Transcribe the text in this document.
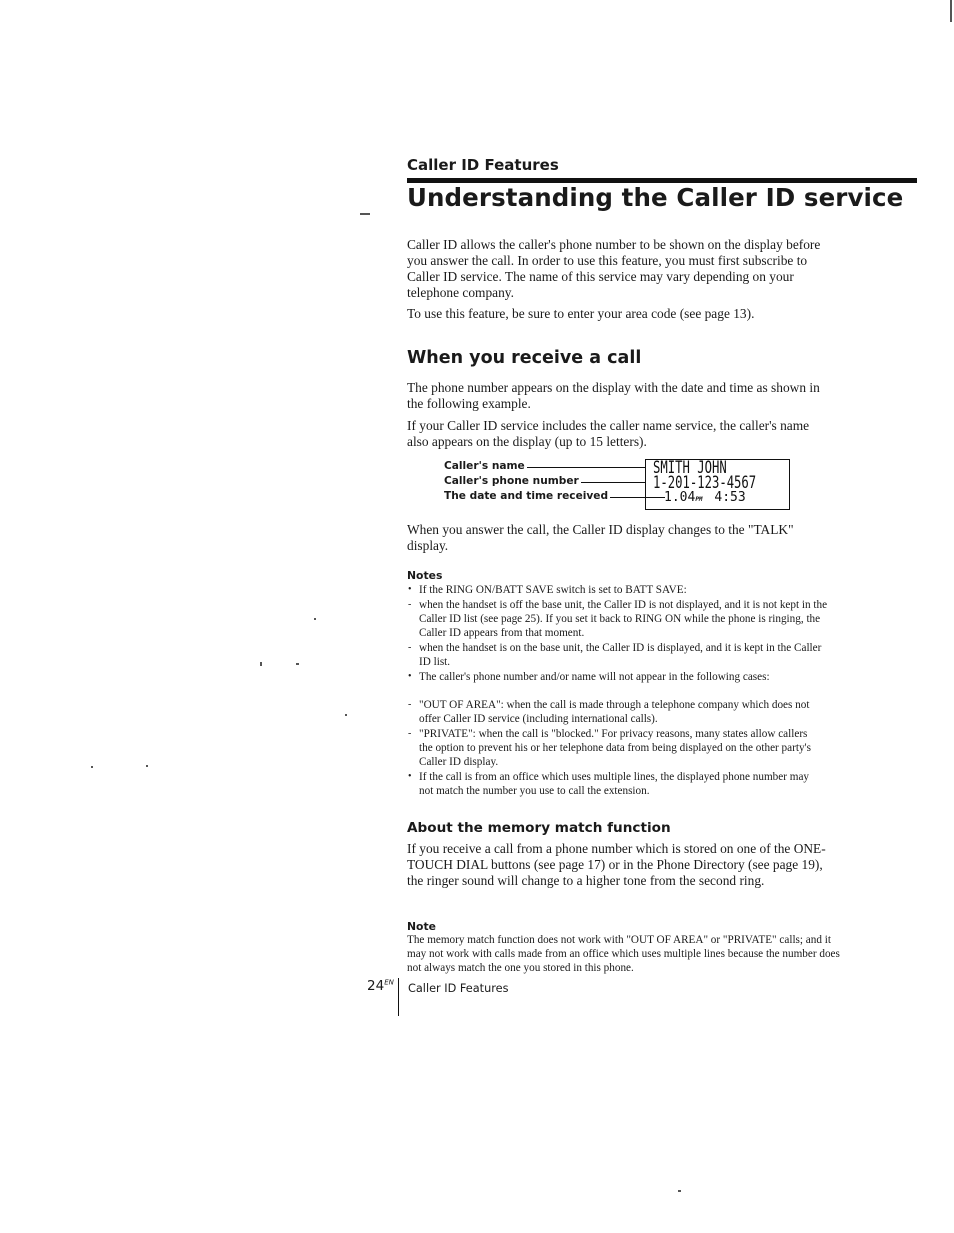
Caller ID Features
Understanding the Caller ID service
Caller ID allows the caller's phone number to be shown on the display before you answer the call. In order to use this feature, you must first subscribe to Caller ID service. The name of this service may vary depending on your telephone company.
To use this feature, be sure to enter your area code (see page 13).
When you receive a call
The phone number appears on the display with the date and time as shown in the following example.
If your Caller ID service includes the caller name service, the caller's name also appears on the display (up to 15 letters).
Caller's name
Caller's phone number
The date and time received
SMITH JOHN
1-201-123-4567
1.04PM 4:53
When you answer the call, the Caller ID display changes to the "TALK" display.
Notes
• If the RING ON/BATT SAVE switch is set to BATT SAVE:
- when the handset is off the base unit, the Caller ID is not displayed, and it is not kept in the Caller ID list (see page 25). If you set it back to RING ON while the phone is ringing, the Caller ID appears from that moment.
- when the handset is on the base unit, the Caller ID is displayed, and it is kept in the Caller ID list.
• The caller's phone number and/or name will not appear in the following cases:
- "OUT OF AREA": when the call is made through a telephone company which does not offer Caller ID service (including international calls).
- "PRIVATE": when the call is "blocked." For privacy reasons, many states allow callers the option to prevent his or her telephone data from being displayed on the other party's Caller ID display.
• If the call is from an office which uses multiple lines, the displayed phone number may not match the number you use to call the extension.
About the memory match function
If you receive a call from a phone number which is stored on one of the ONE-TOUCH DIAL buttons (see page 17) or in the Phone Directory (see page 19), the ringer sound will change to a higher tone from the second ring.
Note
The memory match function does not work with "OUT OF AREA" or "PRIVATE" calls; and it may not work with calls made from an office which uses multiple lines because the number does not always match the one you stored in this phone.
$24^{EN}$ Caller ID Features
